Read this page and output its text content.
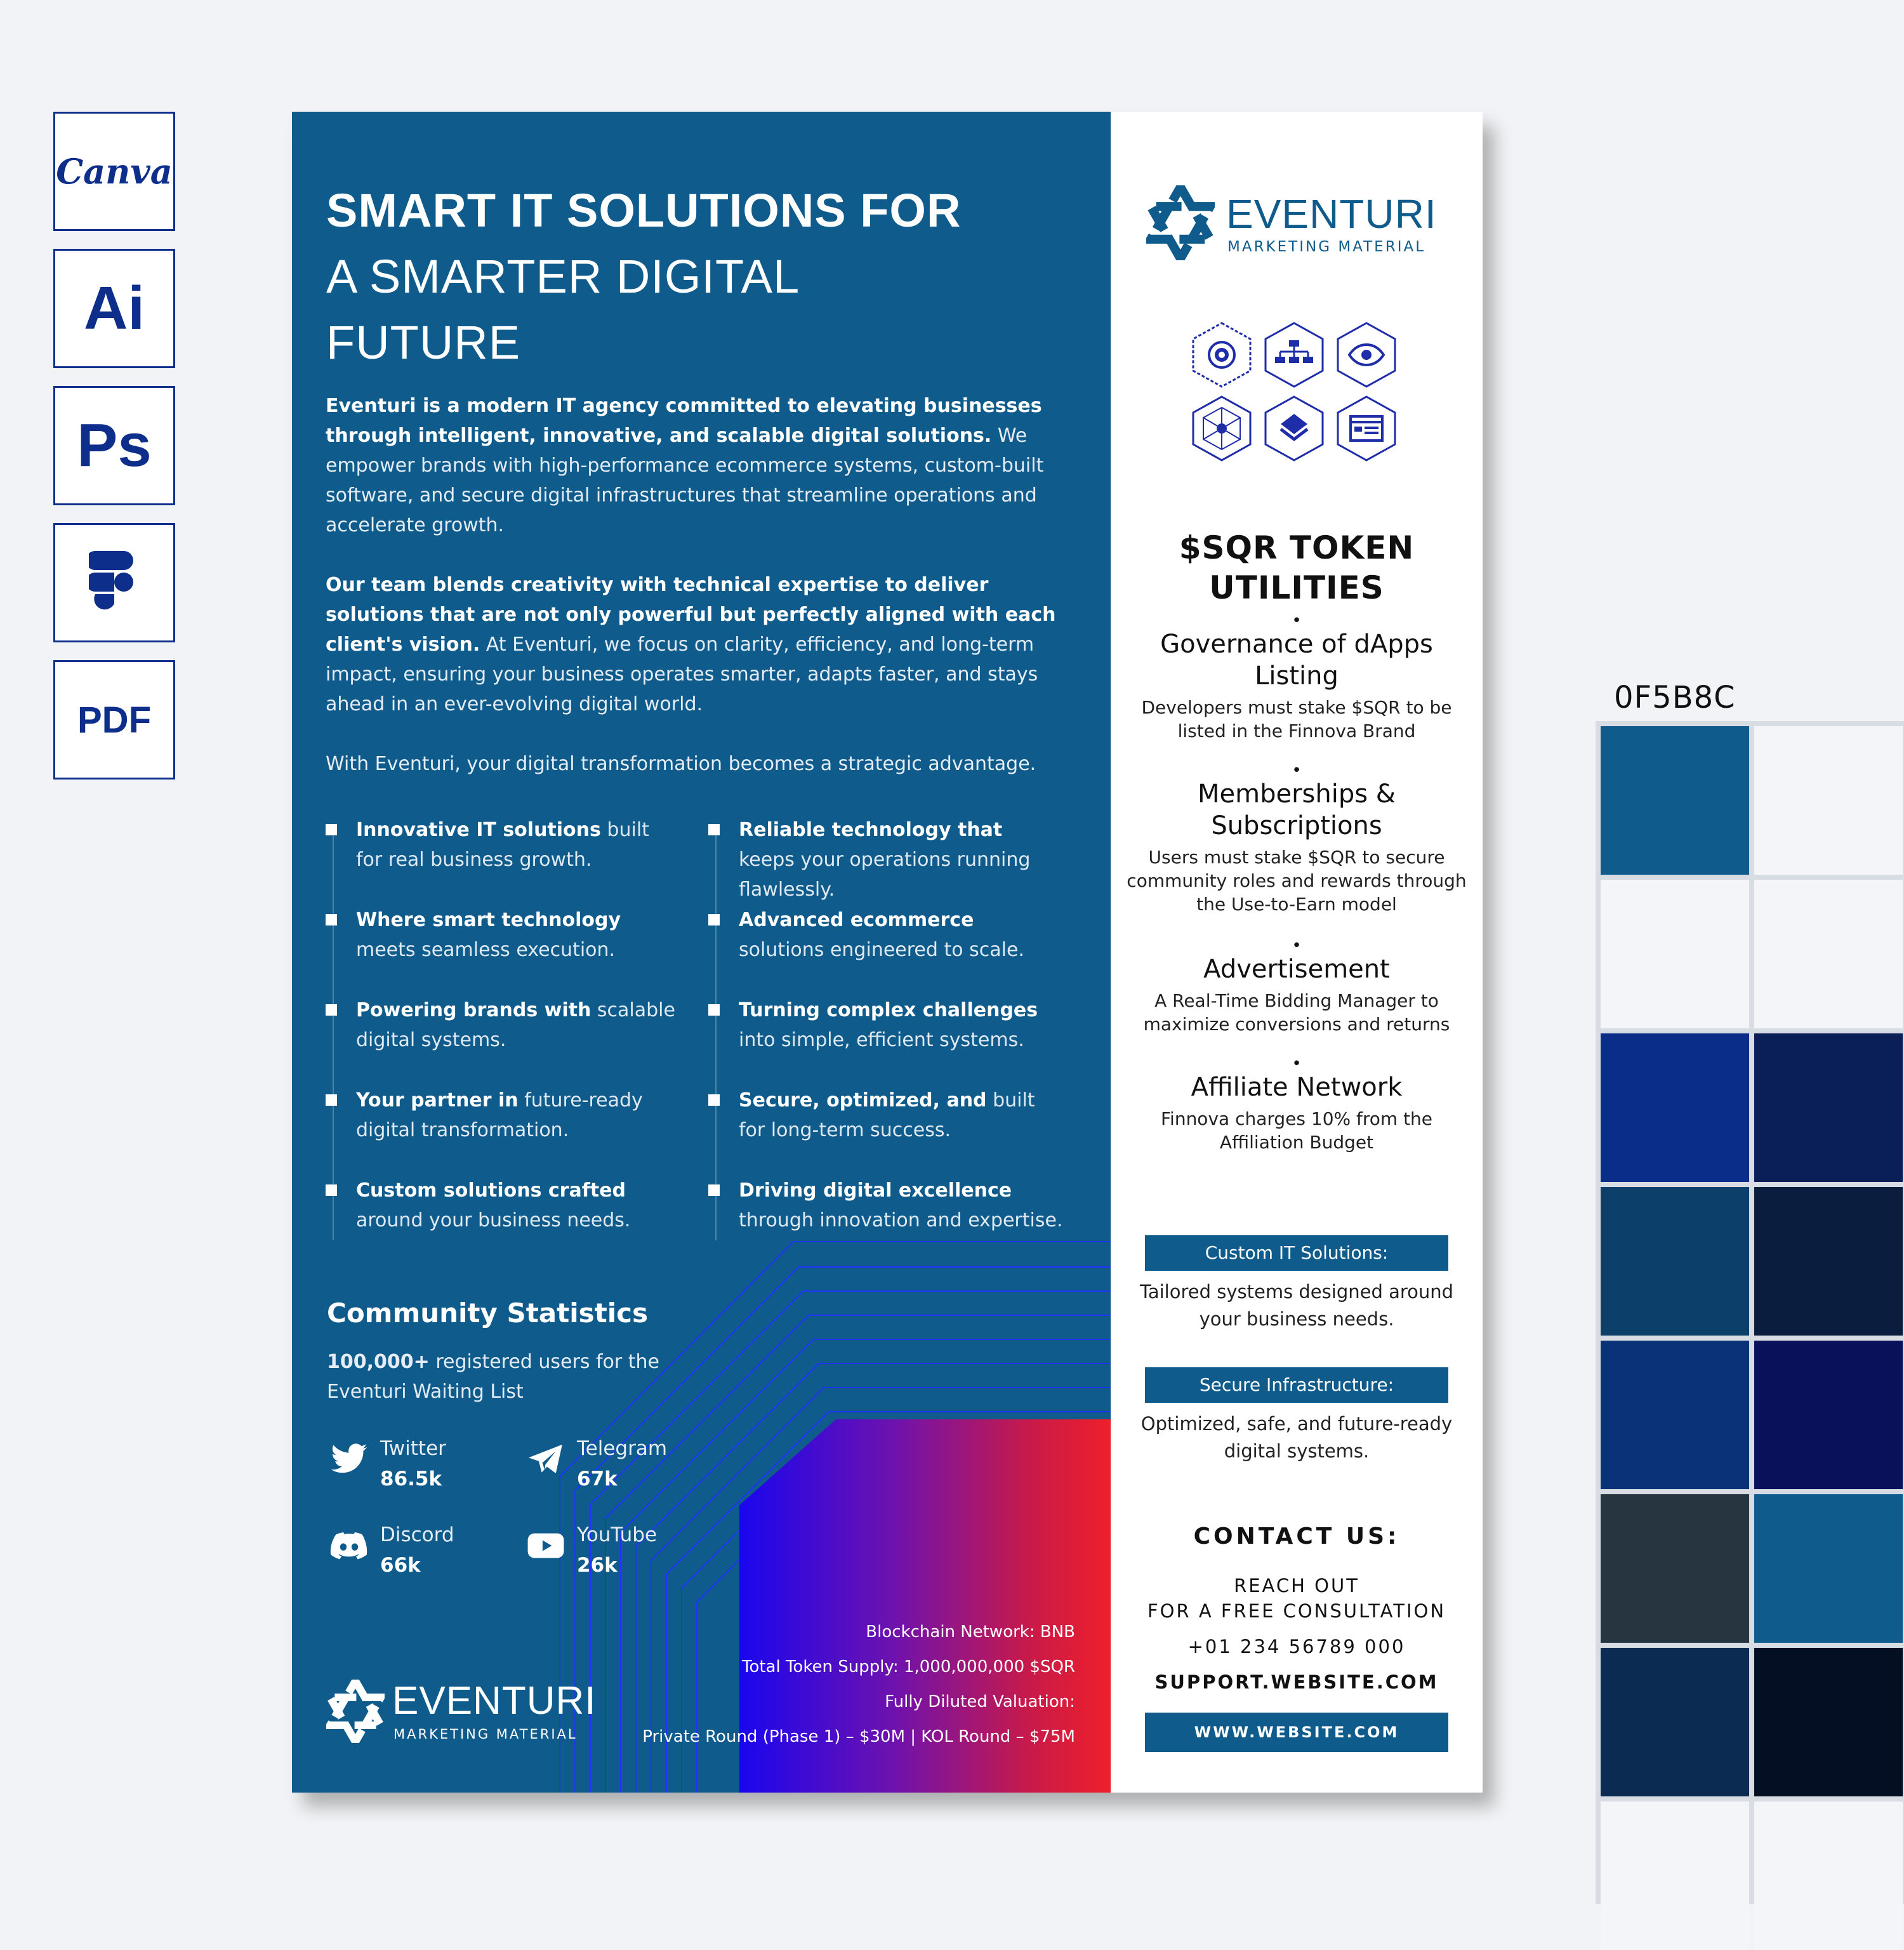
Canva
Ai
Ps
PDF
SMART IT SOLUTIONS FOR
A SMARTER DIGITAL
FUTURE
Eventuri is a modern IT agency committed to elevating businesses through intelligent, innovative, and scalable digital solutions. We empower brands with high-performance ecommerce systems, custom-built software, and secure digital infrastructures that streamline operations and accelerate growth.
Our team blends creativity with technical expertise to deliver solutions that are not only powerful but perfectly aligned with each client's vision. At Eventuri, we focus on clarity, efficiency, and long-term impact, ensuring your business operates smarter, adapts faster, and stays ahead in an ever-evolving digital world.
With Eventuri, your digital transformation becomes a strategic advantage.
Innovative IT solutions built for real business growth.
Where smart technology meets seamless execution.
Powering brands with scalable digital systems.
Your partner in future-ready digital transformation.
Custom solutions crafted around your business needs.
Reliable technology that keeps your operations running flawlessly.
Advanced ecommerce solutions engineered to scale.
Turning complex challenges into simple, efficient systems.
Secure, optimized, and built for long-term success.
Driving digital excellence through innovation and expertise.
Community Statistics
100,000+ registered users for the Eventuri Waiting List
Twitter
86.5k
Telegram
67k
Discord
66k
YouTube
26k
Blockchain Network: BNB
Total Token Supply: 1,000,000,000 $SQR
Fully Diluted Valuation:
Private Round (Phase 1) – $30M | KOL Round – $75M
EVENTURI
MARKETING MATERIAL
EVENTURI
MARKETING MATERIAL
$SQR TOKEN
UTILITIES
•
Governance of dApps Listing
Developers must stake $SQR to be listed in the Finnova Brand
•
Memberships & Subscriptions
Users must stake $SQR to secure community roles and rewards through the Use-to-Earn model
•
Advertisement
A Real-Time Bidding Manager to maximize conversions and returns
•
Affiliate Network
Finnova charges 10% from the Affiliation Budget
Custom IT Solutions:
Tailored systems designed around your business needs.
Secure Infrastructure:
Optimized, safe, and future-ready digital systems.
CONTACT US:
REACH OUT
FOR A FREE CONSULTATION
+01 234 56789 000
SUPPORT.WEBSITE.COM
WWW.WEBSITE.COM
0F5B8C
